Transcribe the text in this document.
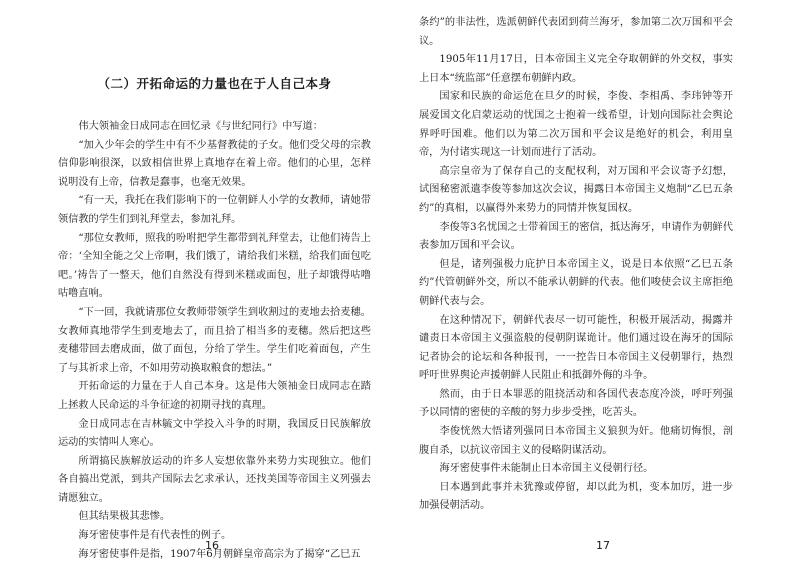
（二）开拓命运的力量也在于人自己本身

伟大领袖金日成同志在回忆录《与世纪同行》中写道：

“加入少年会的学生中有不少基督教徒的子女。他们受父母的宗教信仰影响很深，以致相信世界上真地存在着上帝。他们的心里，怎样说明没有上帝，信教是蠢事，也毫无效果。

“有一天，我托在我们影响下的一位朝鲜人小学的女教师，请她带领信教的学生们到礼拜堂去，参加礼拜。

“那位女教师，照我的吩咐把学生都带到礼拜堂去，让他们祷告上帝：‘全知全能之父上帝啊，我们饿了，请给我们米糕，给我们面包吃吧。’祷告了一整天，他们自然没有得到米糕或面包，肚子却饿得咕噜咕噜直响。

“下一回，我就请那位女教师带领学生到收割过的麦地去拾麦穗。女教师真地带学生到麦地去了，而且拾了相当多的麦穗。然后把这些麦穗带回去磨成面，做了面包，分给了学生。学生们吃着面包，产生了与其祈求上帝，不如用劳动换取粮食的想法。”

开拓命运的力量在于人自己本身。这是伟大领袖金日成同志在踏上拯救人民命运的斗争征途的初期寻找的真理。

金日成同志在吉林毓文中学投入斗争的时期，我国反日民族解放运动的实情叫人寒心。

所谓搞民族解放运动的许多人妄想依靠外来势力实现独立。他们各自搞出党派，到共产国际去乞求承认，还找美国等帝国主义列强去请愿独立。

但其结果极其悲惨。

海牙密使事件是有代表性的例子。

海牙密使事件是指，1907年6月朝鲜皇帝高宗为了揭穿“乙巳五

16

条约”的非法性，选派朝鲜代表团到荷兰海牙，参加第二次万国和平会议。

1905年11月17日，日本帝国主义完全夺取朝鲜的外交权，事实上日本“统监部”任意摆布朝鲜内政。

国家和民族的命运危在旦夕的时候，李俊、李相禹、李玮钟等开展爱国文化启蒙运动的忧国之士抱着一线希望，计划向国际社会舆论界呼吁国难。他们以为第二次万国和平会议是绝好的机会，利用皇帝，为付诸实现这一计划而进行了活动。

高宗皇帝为了保存自己的支配权利，对万国和平会议寄予幻想，试图秘密派遣李俊等参加这次会议，揭露日本帝国主义炮制“乙巳五条约”的真相，以赢得外来势力的同情并恢复国权。

李俊等3名忧国之士带着国王的密信，抵达海牙，申请作为朝鲜代表参加万国和平会议。

但是，诸列强极力庇护日本帝国主义，说是日本依照“乙巳五条约”代管朝鲜外交，所以不能承认朝鲜的代表。他们唆使会议主席拒绝朝鲜代表与会。

在这种情况下，朝鲜代表尽一切可能性，积极开展活动，揭露并谴责日本帝国主义强盗般的侵朝阴谋诡计。他们通过设在海牙的国际记者协会的论坛和各种报刊，一一控告日本帝国主义侵朝罪行，热烈呼吁世界舆论声援朝鲜人民阻止和抵御外侮的斗争。

然而，由于日本罪恶的阻挠活动和各国代表态度冷淡，呼吁列强予以同情的密使的辛酸的努力步步受挫，吃苦头。

李俊恍然大悟诸列强同日本帝国主义狼狈为奸。他痛切悔恨，剖腹自杀，以抗议帝国主义的侵略阴谋活动。

海牙密使事件未能制止日本帝国主义侵朝行径。

日本遇到此事并未犹豫或停留，却以此为机，变本加厉，进一步加强侵朝活动。

17
